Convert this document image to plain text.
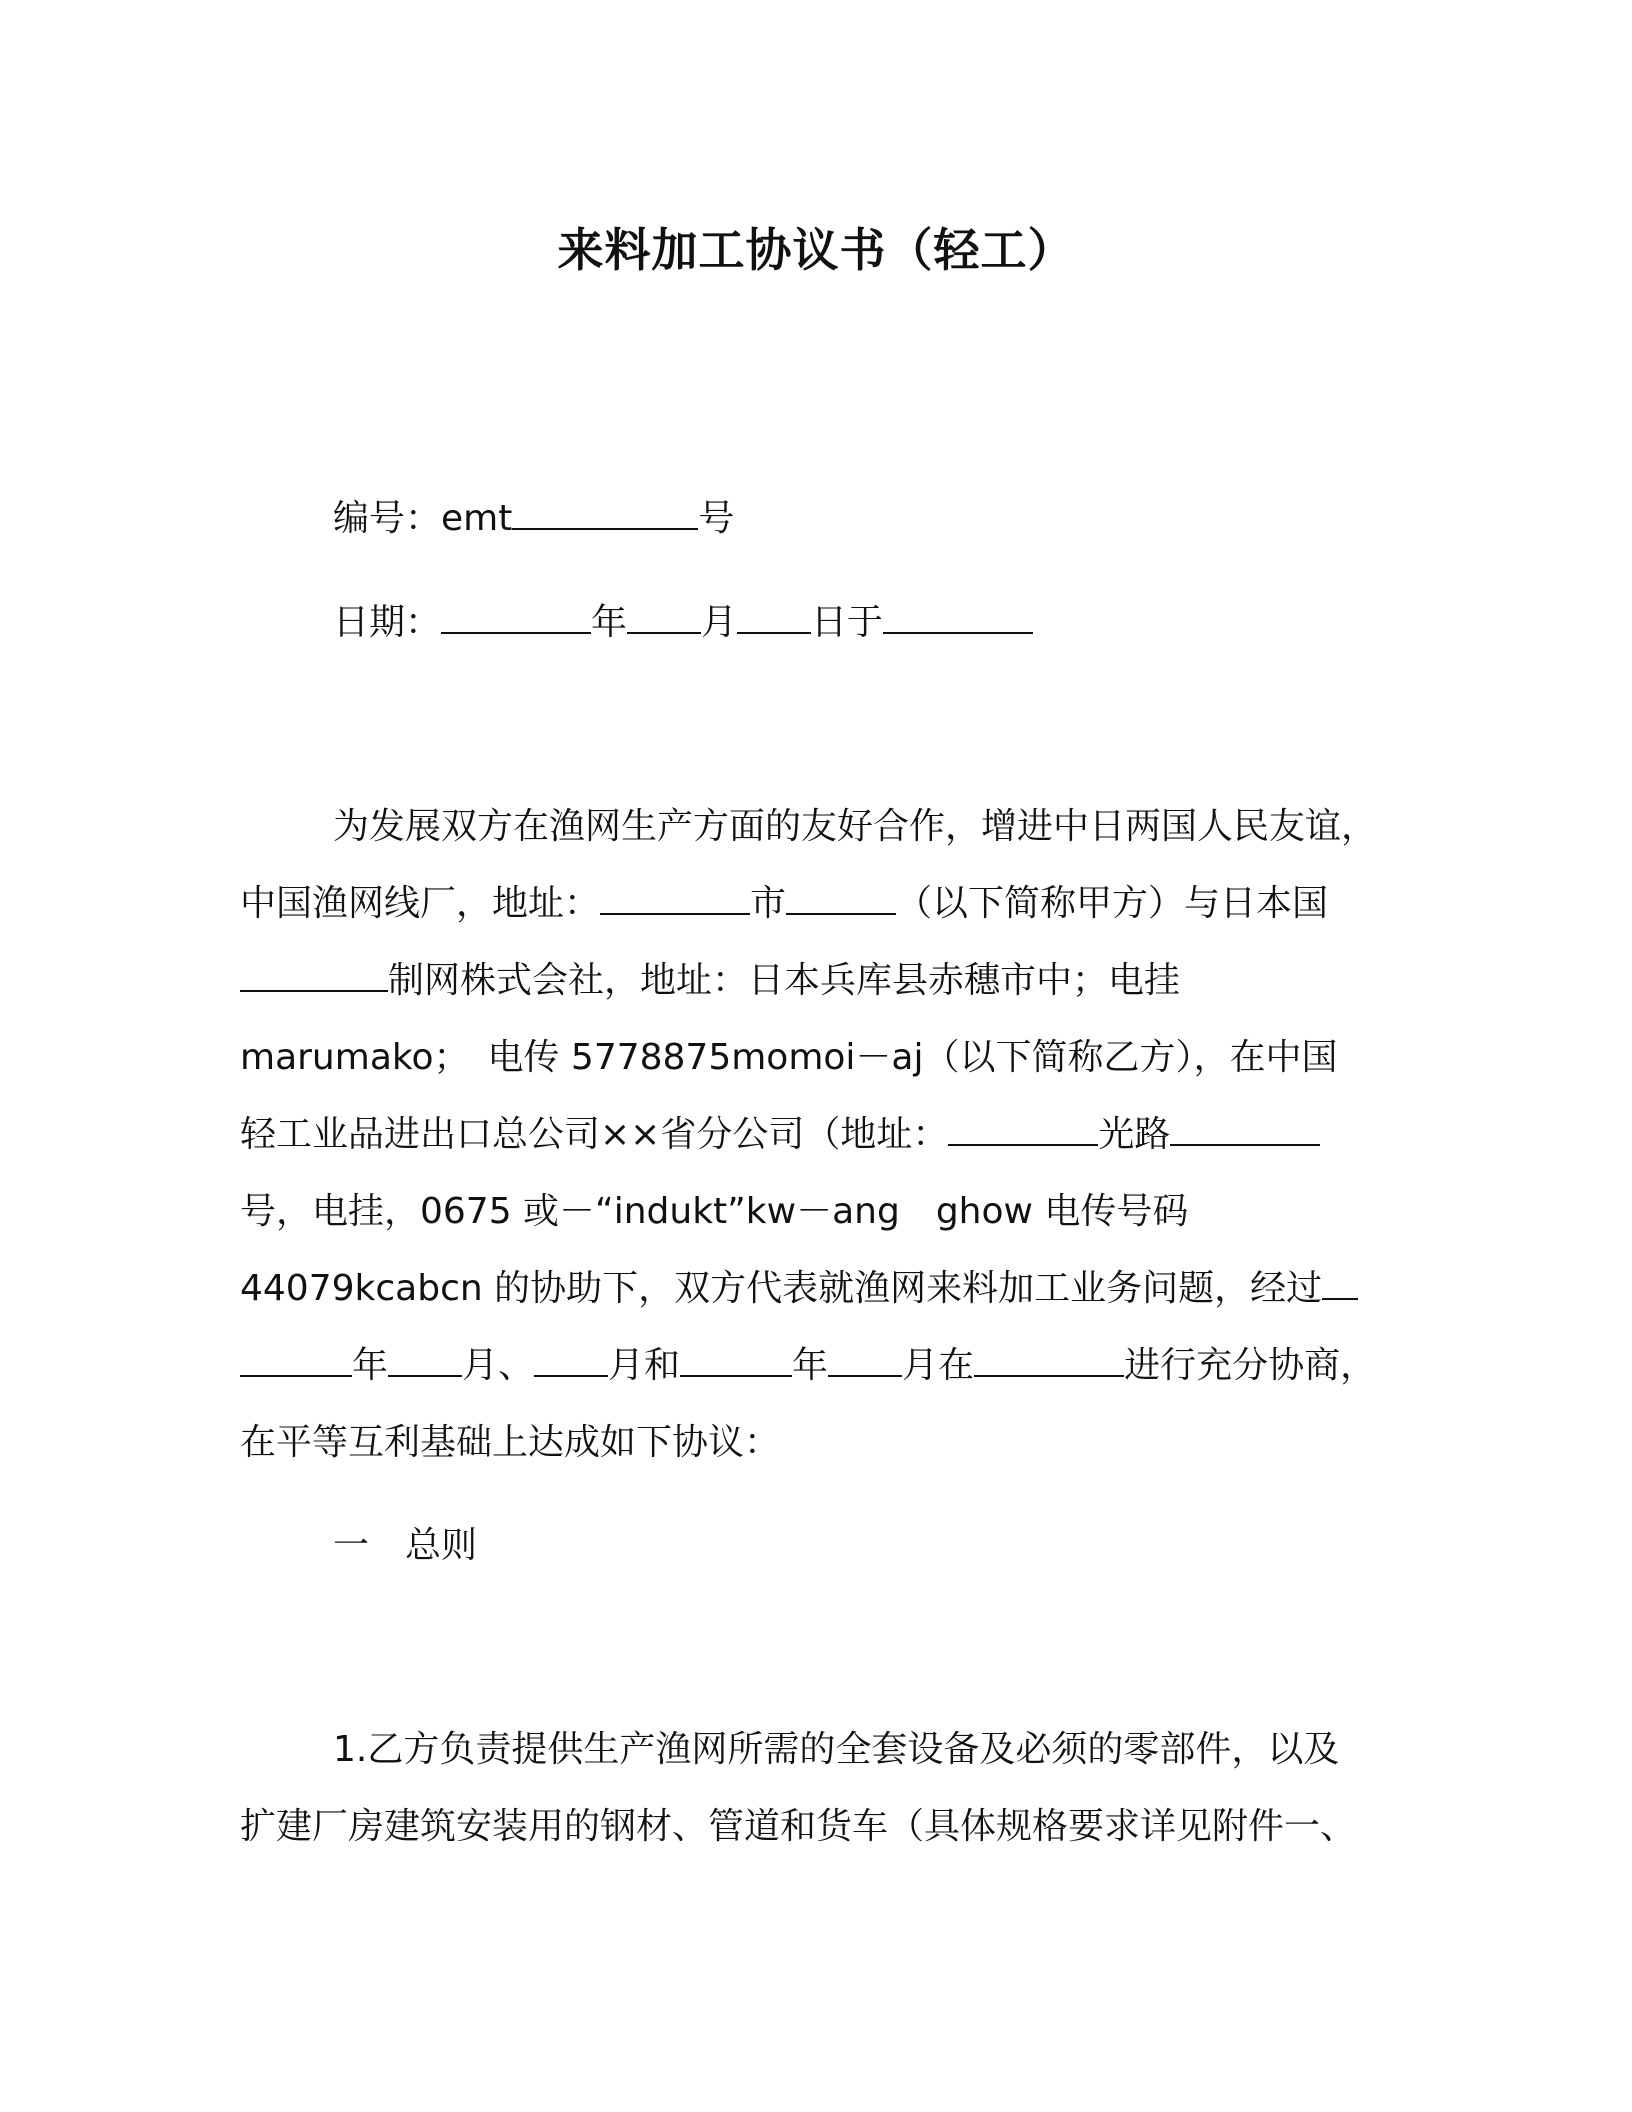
来料加工协议书（轻工）
编号：emt	号
日期：	年 月 日于
为发展双方在渔网生产方面的友好合作，增进中日两国人民友谊，
中国渔网线厂，地址：	市	（以下简称甲方）与日本国
制网株式会社，地址：日本兵库县赤穗市中；电挂
marumako；　电传 5778875momoi－aj（以下简称乙方），在中国
轻工业品进出口总公司××省分公司（地址：	光路
号，电挂，0675 或－“indukt”kw－ang　ghow 电传号码
44079kcabcn 的协助下，双方代表就渔网来料加工业务问题，经过
年 月、 月和	年 月在	进行充分协商，
在平等互利基础上达成如下协议：
一　总则
1.乙方负责提供生产渔网所需的全套设备及必须的零部件，以及
扩建厂房建筑安装用的钢材、管道和货车（具体规格要求详见附件一、
